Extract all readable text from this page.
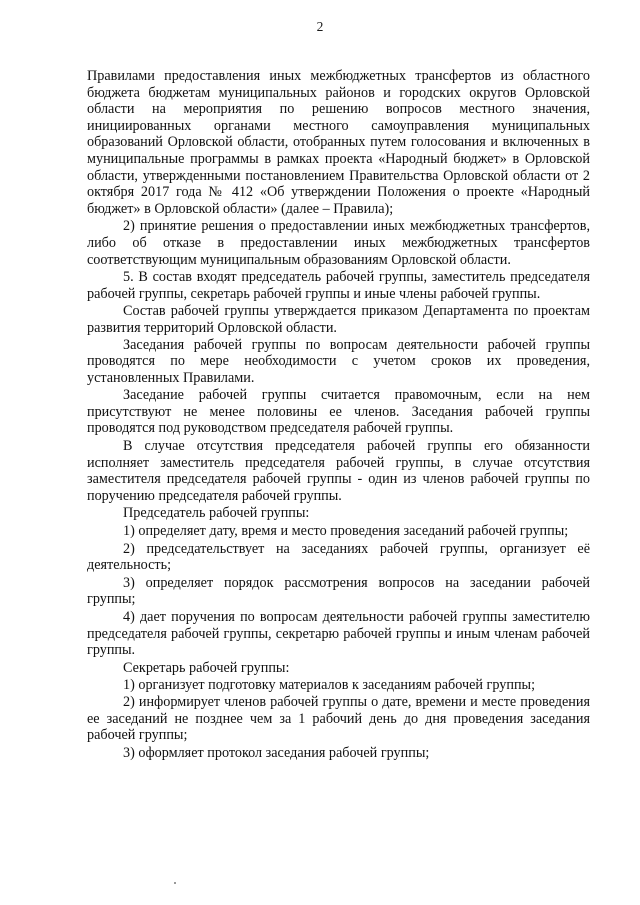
2

Правилами предоставления иных межбюджетных трансфертов из областного бюджета бюджетам муниципальных районов и городских округов Орловской области на мероприятия по решению вопросов местного значения, инициированных органами местного самоуправления муниципальных образований Орловской области, отобранных путем голосования и включенных в муниципальные программы в рамках проекта «Народный бюджет» в Орловской области, утвержденными постановлением Правительства Орловской области от 2 октября 2017 года № 412 «Об утверждении Положения о проекте «Народный бюджет» в Орловской области» (далее – Правила);

2) принятие решения о предоставлении иных межбюджетных трансфертов, либо об отказе в предоставлении иных межбюджетных трансфертов соответствующим муниципальным образованиям Орловской области.

5. В состав входят председатель рабочей группы, заместитель председателя рабочей группы, секретарь рабочей группы и иные члены рабочей группы.

Состав рабочей группы утверждается приказом Департамента по проектам развития территорий Орловской области.

Заседания рабочей группы по вопросам деятельности рабочей группы проводятся по мере необходимости с учетом сроков их проведения, установленных Правилами.

Заседание рабочей группы считается правомочным, если на нем присутствуют не менее половины ее членов. Заседания рабочей группы проводятся под руководством председателя рабочей группы.

В случае отсутствия председателя рабочей группы его обязанности исполняет заместитель председателя рабочей группы, в случае отсутствия заместителя председателя рабочей группы - один из членов рабочей группы по поручению председателя рабочей группы.

Председатель рабочей группы:

1) определяет дату, время и место проведения заседаний рабочей группы;

2) председательствует на заседаниях рабочей группы, организует её деятельность;

3) определяет порядок рассмотрения вопросов на заседании рабочей группы;

4) дает поручения по вопросам деятельности рабочей группы заместителю председателя рабочей группы, секретарю рабочей группы и иным членам рабочей группы.

Секретарь рабочей группы:

1) организует подготовку материалов к заседаниям рабочей группы;

2) информирует членов рабочей группы о дате, времени и месте проведения ее заседаний не позднее чем за 1 рабочий день до дня проведения заседания рабочей группы;

3) оформляет протокол заседания рабочей группы;
